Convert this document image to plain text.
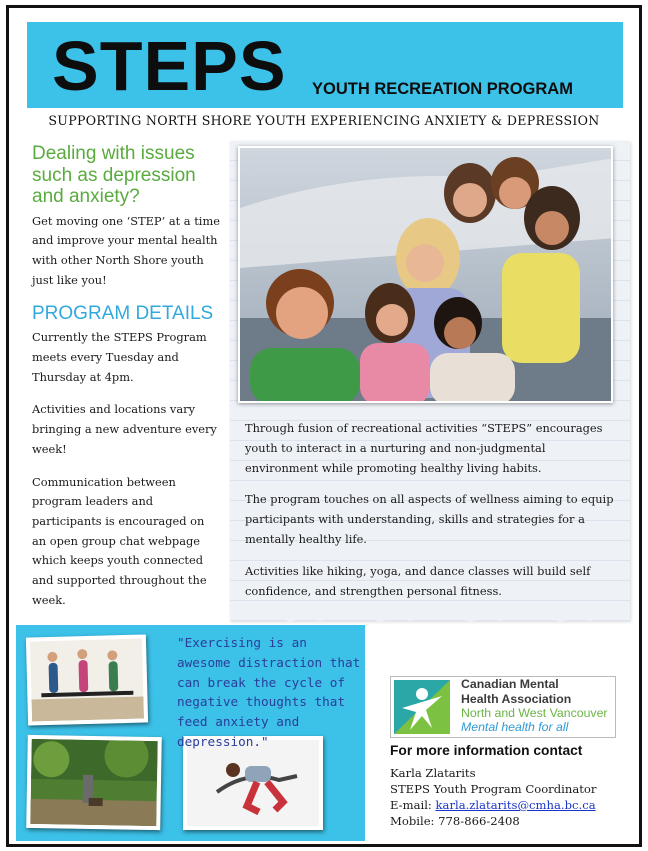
STEPS YOUTH RECREATION PROGRAM
SUPPORTING NORTH SHORE YOUTH EXPERIENCING ANXIETY & DEPRESSION
Dealing with issues such as depression and anxiety?
Get moving one ‘STEP’ at a time and improve your mental health with other North Shore youth just like you!
PROGRAM DETAILS
Currently the STEPS Program meets every Tuesday and Thursday at 4pm.
Activities and locations vary bringing a new adventure every week!
Communication between program leaders and participants is encouraged on an open group chat webpage which keeps youth connected and supported throughout the week.
Through fusion of recreational activities “STEPS” encourages youth to interact in a nurturing and non-judgmental environment while promoting healthy living habits.
The program touches on all aspects of wellness aiming to equip participants with understanding, skills and strategies for a mentally healthy life.
Activities like hiking, yoga, and dance classes will build self confidence, and strengthen personal fitness.
"Exercising is an awesome distraction that can break the cycle of negative thoughts that feed anxiety and depression."
Canadian Mental
Health Association
North and West Vancouver
Mental health for all
For more information contact
Karla Zlatarits
STEPS Youth Program Coordinator
E-mail: karla.zlatarits@cmha.bc.ca
Mobile: 778-866-2408
